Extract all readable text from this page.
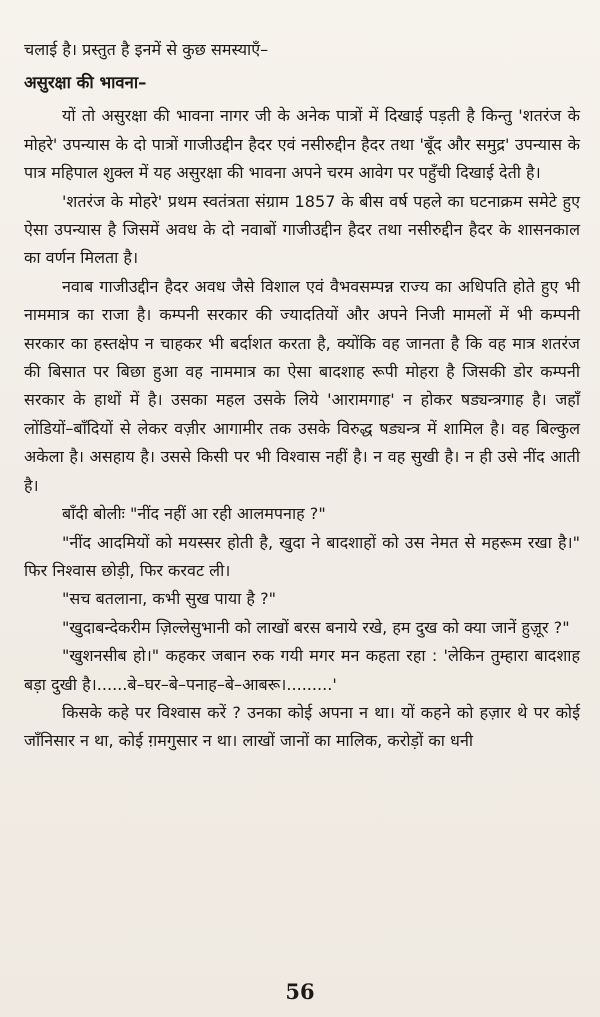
चलाई है। प्रस्तुत है इनमें से कुछ समस्याएँ–

असुरक्षा की भावना–

यों तो असुरक्षा की भावना नागर जी के अनेक पात्रों में दिखाई पड़ती है किन्तु 'शतरंज के मोहरे' उपन्यास के दो पात्रों गाजीउद्दीन हैदर एवं नसीरुद्दीन हैदर तथा 'बूँद और समुद्र' उपन्यास के पात्र महिपाल शुक्ल में यह असुरक्षा की भावना अपने चरम आवेग पर पहुँची दिखाई देती है।

'शतरंज के मोहरे' प्रथम स्वतंत्रता संग्राम 1857 के बीस वर्ष पहले का घटनाक्रम समेटे हुए ऐसा उपन्यास है जिसमें अवध के दो नवाबों गाजीउद्दीन हैदर तथा नसीरुद्दीन हैदर के शासनकाल का वर्णन मिलता है।

नवाब गाजीउद्दीन हैदर अवध जैसे विशाल एवं वैभवसम्पन्न राज्य का अधिपति होते हुए भी नाममात्र का राजा है। कम्पनी सरकार की ज्यादतियों और अपने निजी मामलों में भी कम्पनी सरकार का हस्तक्षेप न चाहकर भी बर्दाशत करता है, क्योंकि वह जानता है कि वह मात्र शतरंज की बिसात पर बिछा हुआ वह नाममात्र का ऐसा बादशाह रूपी मोहरा है जिसकी डोर कम्पनी सरकार के हाथों में है। उसका महल उसके लिये 'आरामगाह' न होकर षड्यन्त्रगाह है। जहाँ लोंडियों–बाँदियों से लेकर वज़ीर आगामीर तक उसके विरुद्ध षड्यन्त्र में शामिल है। वह बिल्कुल अकेला है। असहाय है। उससे किसी पर भी विश्वास नहीं है। न वह सुखी है। न ही उसे नींद आती है।

बाँदी बोलीः "नींद नहीं आ रही आलमपनाह ?"

"नींद आदमियों को मयस्सर होती है, खुदा ने बादशाहों को उस नेमत से महरूम रखा है।" फिर निश्वास छोड़ी, फिर करवट ली।

"सच बतलाना, कभी सुख पाया है ?"

"खुदाबन्देकरीम ज़िल्लेसुभानी को लाखों बरस बनाये रखे, हम दुख को क्या जानें हुज़ूर ?"

"खुशनसीब हो।" कहकर जबान रुक गयी मगर मन कहता रहा : 'लेकिन तुम्हारा बादशाह बड़ा दुखी है।......बे–घर–बे–पनाह–बे–आबरू।.........'

किसके कहे पर विश्वास करें ? उनका कोई अपना न था। यों कहने को हज़ार थे पर कोई जाँनिसार न था, कोई ग़मगुसार न था। लाखों जानों का मालिक, करोड़ों का धनी

56
